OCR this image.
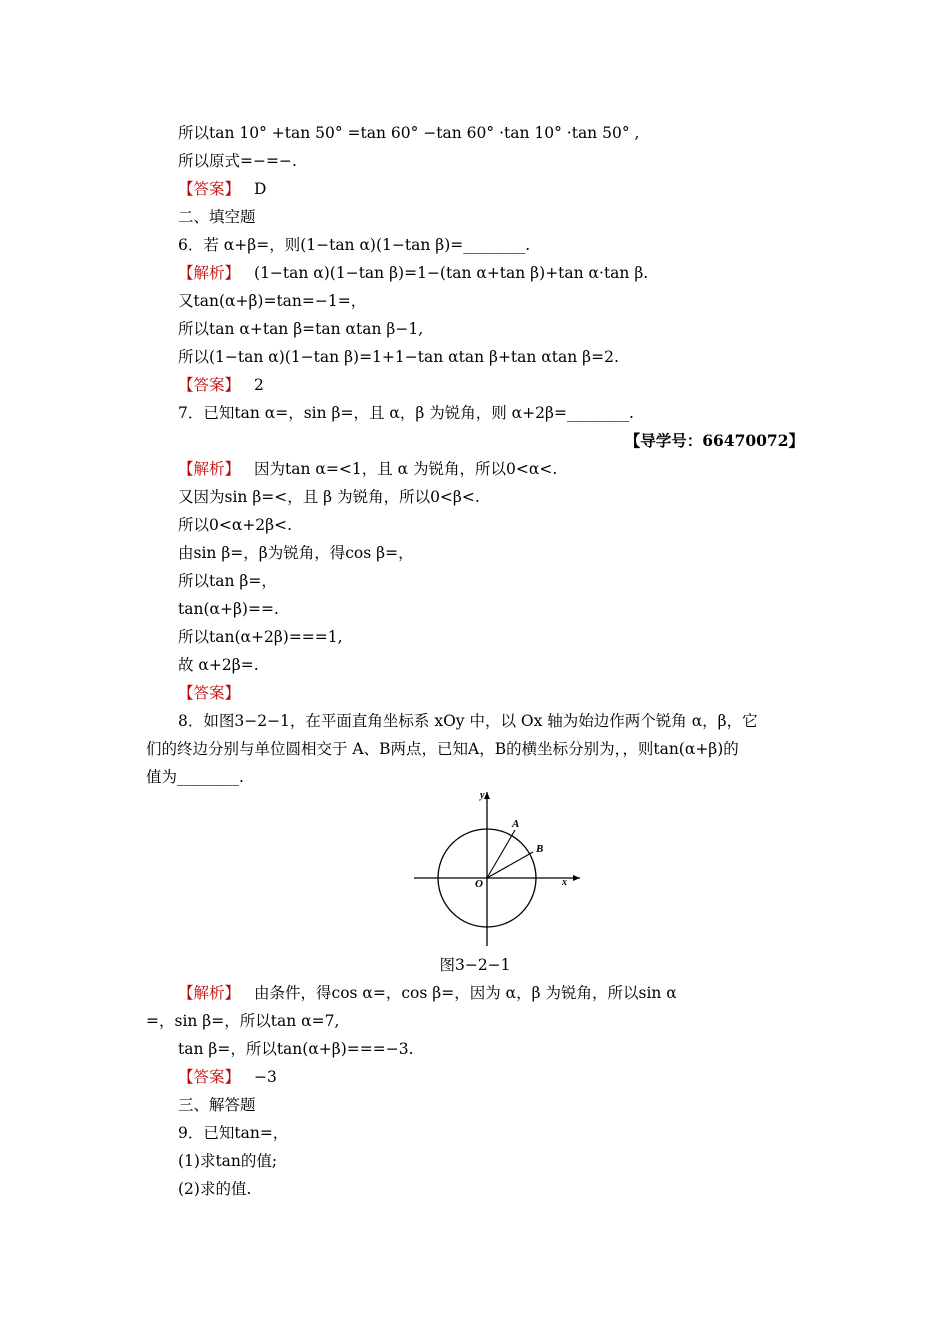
所以tan 10° +tan 50° =tan 60° −tan 60° ·tan 10° ·tan 50° ,
所以原式=−=−.
【答案】 D
二、填空题
6．若 α+β=，则(1−tan α)(1−tan β)=________.
【解析】 (1−tan α)(1−tan β)=1−(tan α+tan β)+tan α·tan β.
又tan(α+β)=tan=−1=，
所以tan α+tan β=tan αtan β−1,
所以(1−tan α)(1−tan β)=1+1−tan αtan β+tan αtan β=2.
【答案】 2
7．已知tan α=，sin β=，且 α，β 为锐角，则 α+2β=________.
【导学号：66470072】
【解析】 因为tan α=<1，且 α 为锐角，所以0<α<.
又因为sin β=<，且 β 为锐角，所以0<β<.
所以0<α+2β<.
由sin β=，β为锐角，得cos β=，
所以tan β=，
tan(α+β)==.
所以tan(α+2β)===1,
故 α+2β=.
【答案】
8．如图3−2−1，在平面直角坐标系 xOy 中，以 Ox 轴为始边作两个锐角 α，β，它
们的终边分别与单位圆相交于 A、B两点，已知A，B的横坐标分别为，，则tan(α+β)的
值为________.
y
x
O
A
B
图3−2−1
【解析】 由条件，得cos α=，cos β=，因为 α，β 为锐角，所以sin α
=，sin β=，所以tan α=7,
tan β=，所以tan(α+β)===−3.
【答案】 −3
三、解答题
9．已知tan=，
(1)求tan的值;
(2)求的值.
